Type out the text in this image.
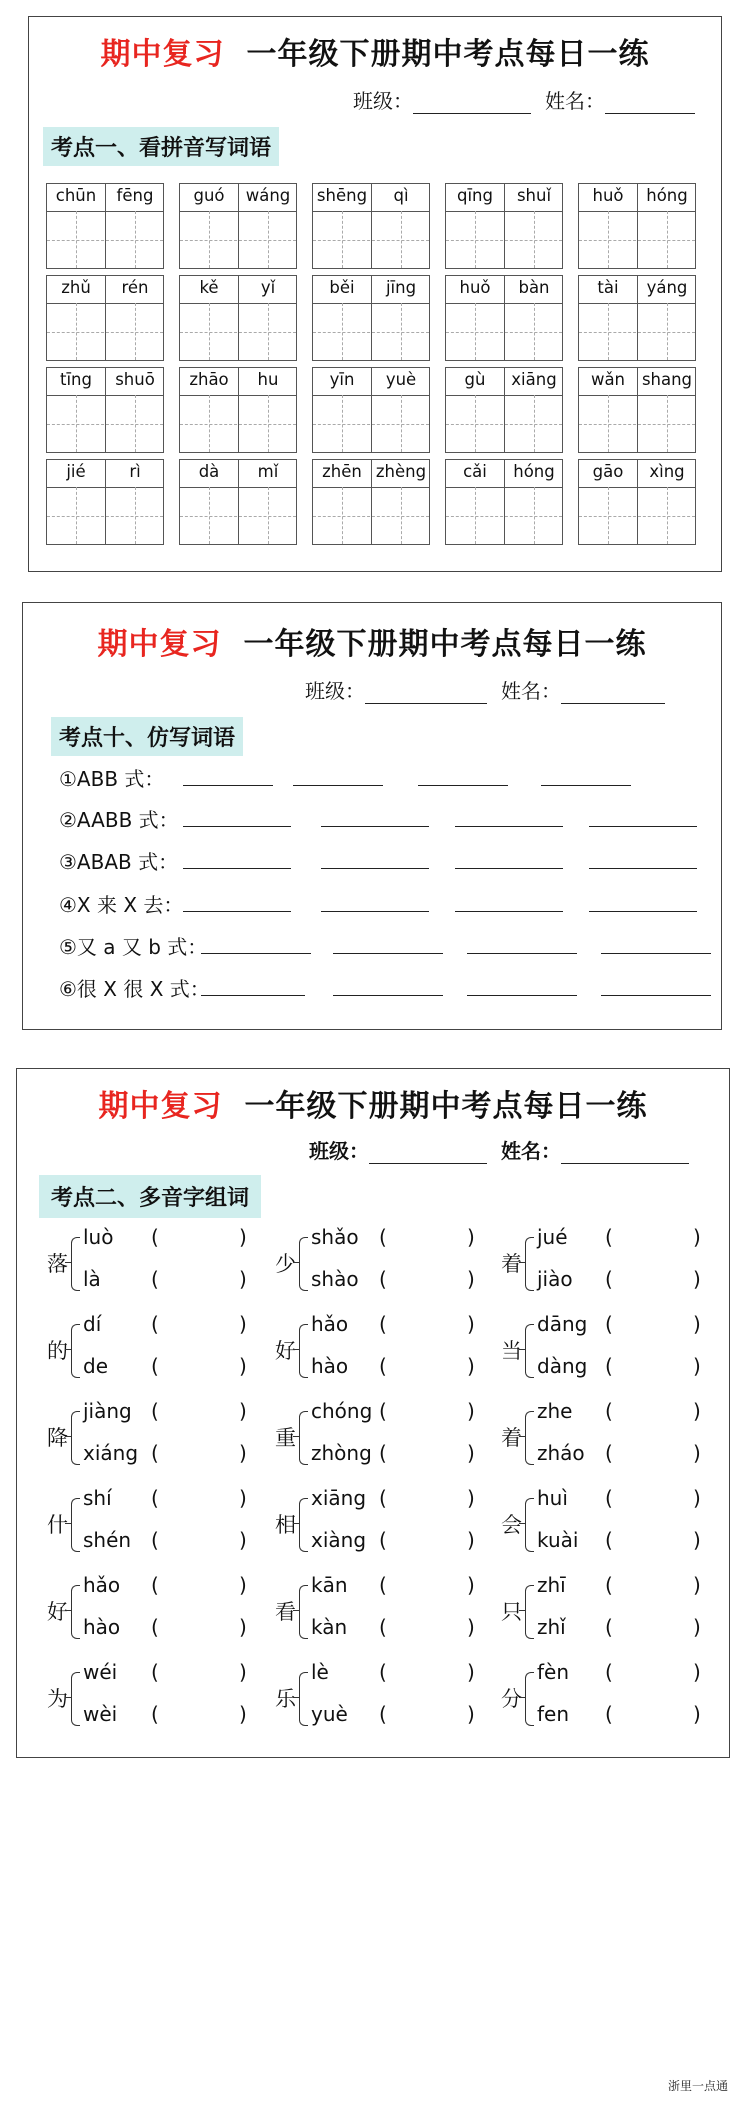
期中复习 一年级下册期中考点每日一练
班级：	姓名：
考点一、看拼音写词语
chūn	fēng	guó	wáng	shēng	qì	qīng	shuǐ	huǒ	hóng
zhǔ	rén	kě	yǐ	běi	jīng	huǒ	bàn	tài	yáng
tīng	shuō	zhāo	hu	yīn	yuè	gù	xiāng	wǎn	shang
jié	rì	dà	mǐ	zhēn zhèng	cǎi	hóng	gāo	xìng
期中复习 一年级下册期中考点每日一练
班级：	姓名：
考点十、仿写词语
①ABB 式：
②AABB 式：
③ABAB 式：
④X 来 X 去：
⑤又 a 又 b 式：
⑥很 X 很 X 式：
期中复习 一年级下册期中考点每日一练
班级：	姓名：
考点二、多音字组词
落
luò (	)
là	(	)
少
shǎo (	)
shào (	)
着
jué (	)
jiào (	)
的
dí (	)
de (	)
好
hǎo (	)
hào (	)
当
dāng (	)
dàng (	)
降
jiàng (	)
xiáng (	)
重
chóng (	)
zhòng (	)
着
zhe (	)
zháo (	)
什
shí (	)
shén (	)
相
xiāng (	)
xiàng (	)
会
huì (	)
kuài (	)
好
hǎo (	)
hào (	)
看
kān (	)
kàn (	)
只
zhī (	)
zhǐ (	)
为
wéi (	)
wèi (	)
乐
lè	(	)
yuè (	)
分
fèn (	)
fen (	)
浙里一点通
